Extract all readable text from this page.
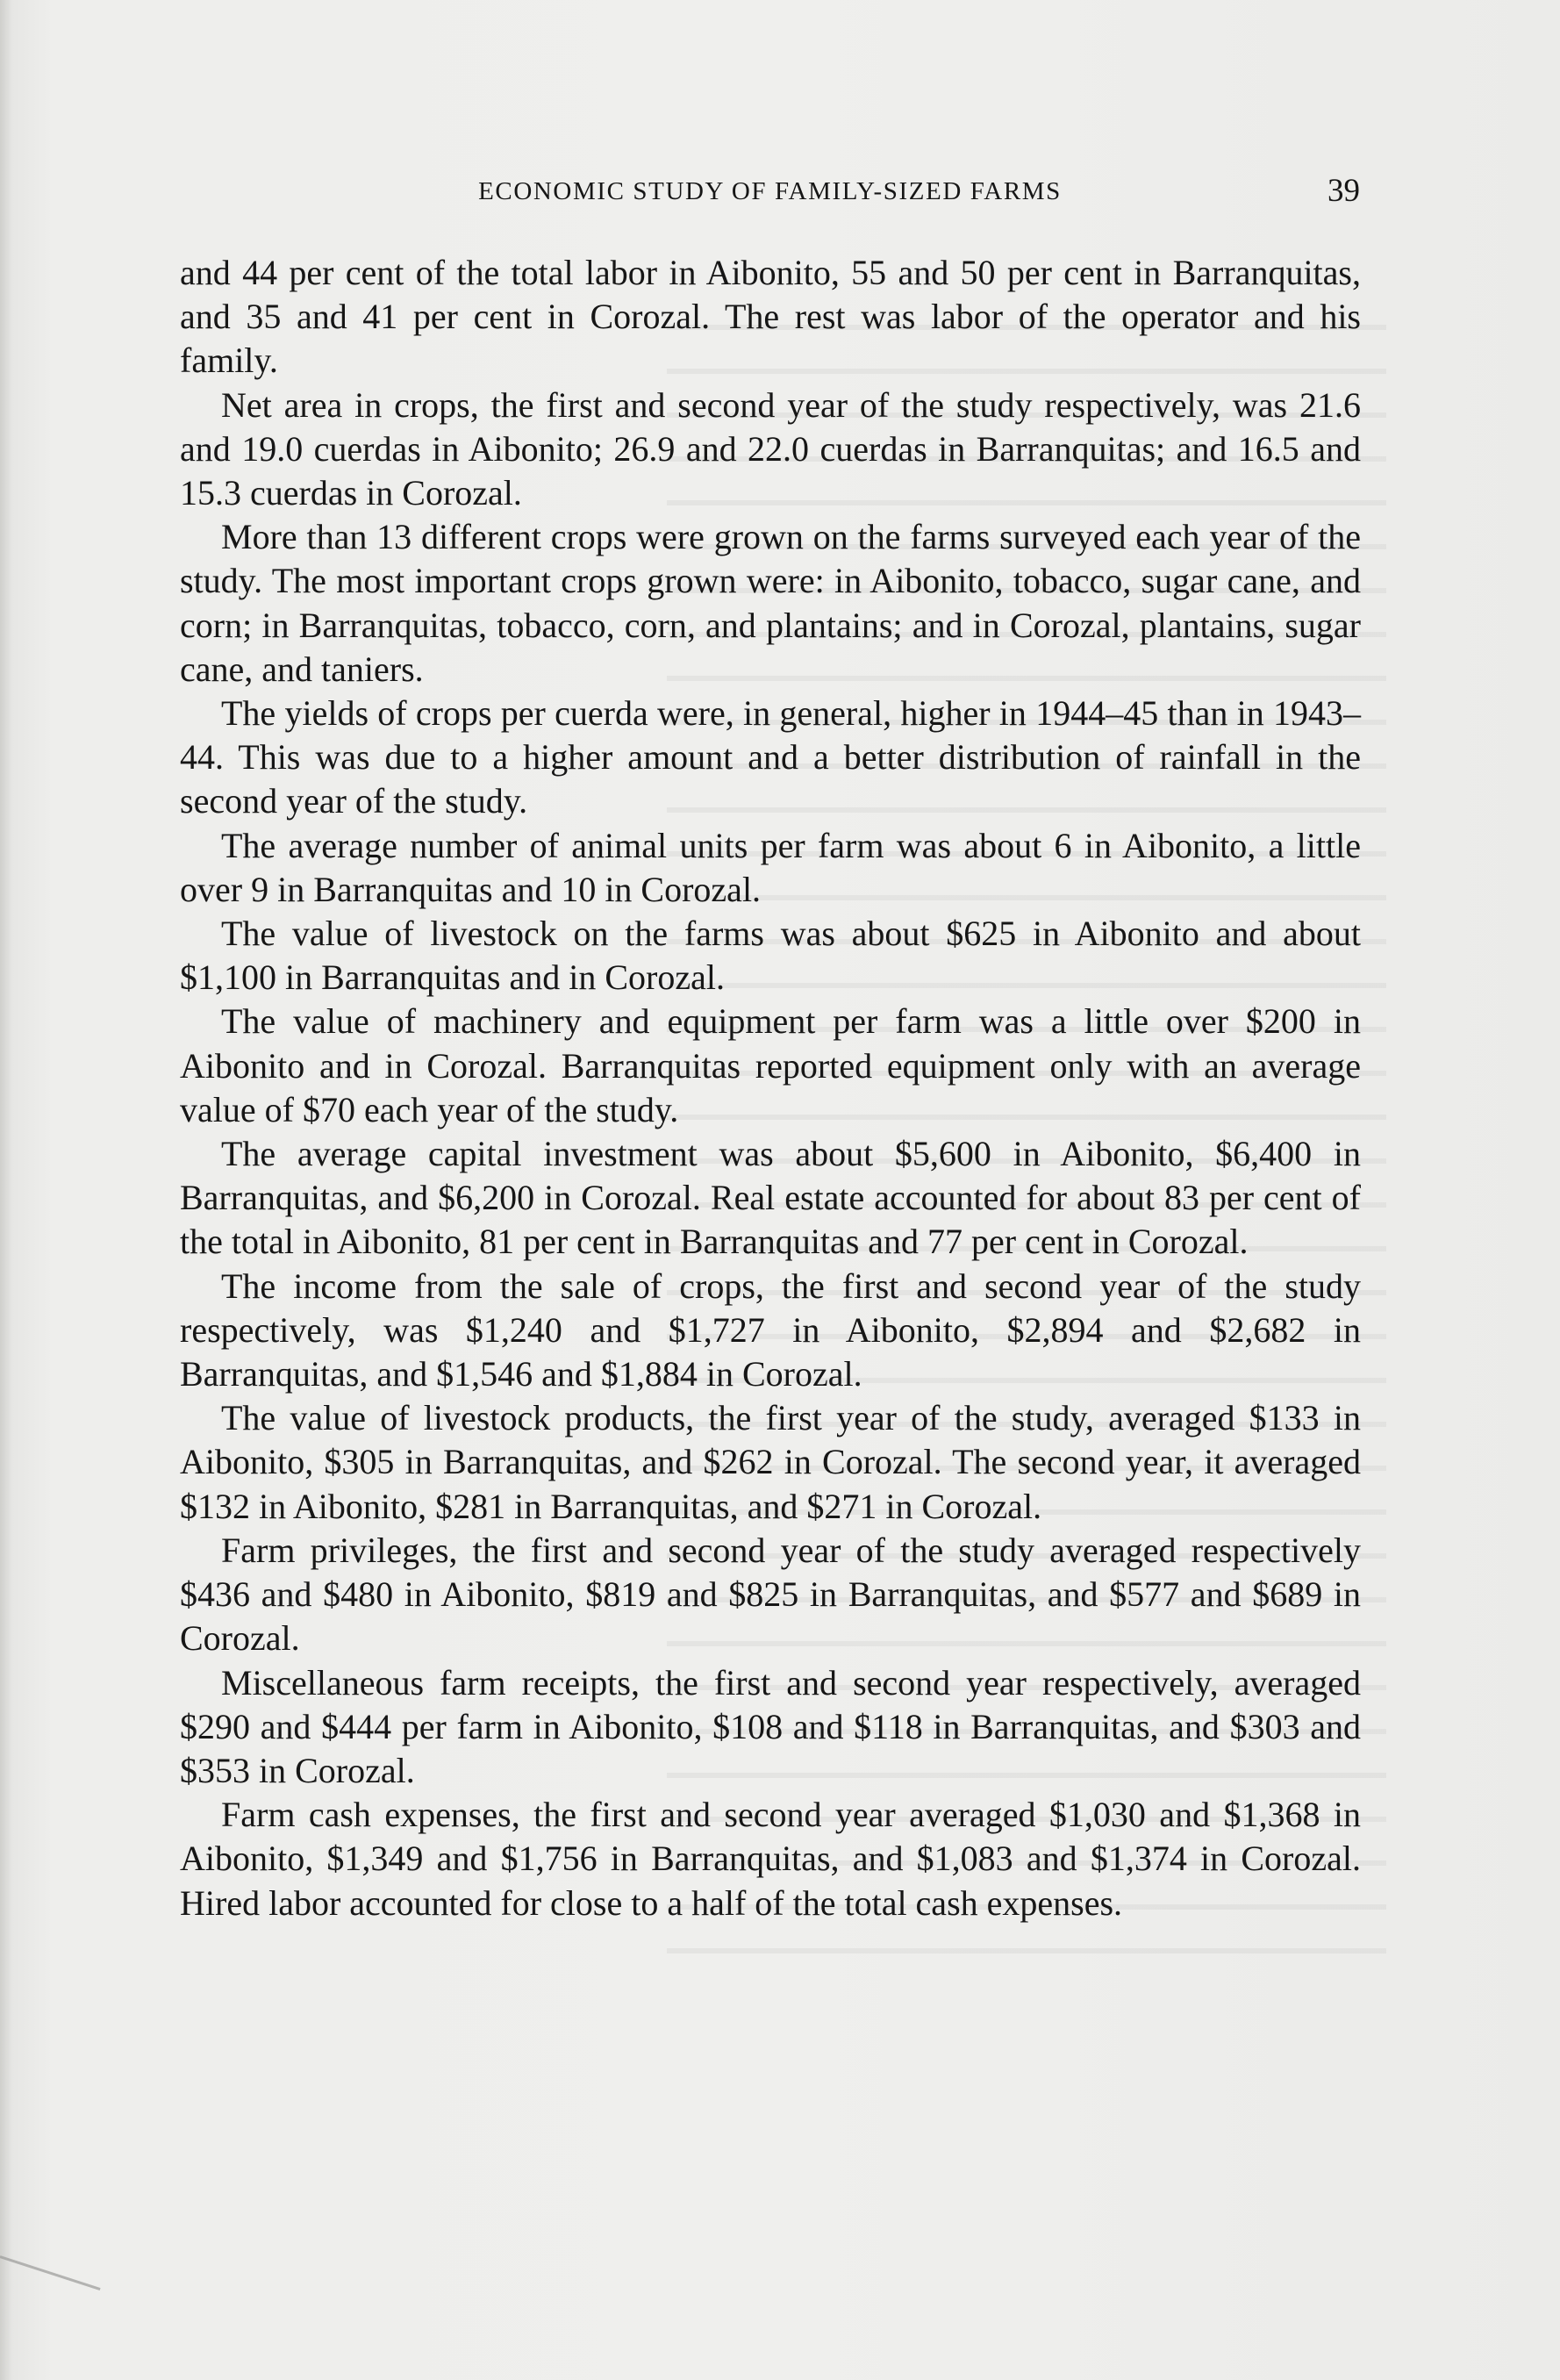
ECONOMIC STUDY OF FAMILY-SIZED FARMS	39

and 44 per cent of the total labor in Aibonito, 55 and 50 per cent in Barranquitas, and 35 and 41 per cent in Corozal. The rest was labor of the operator and his family.

Net area in crops, the first and second year of the study respectively, was 21.6 and 19.0 cuerdas in Aibonito; 26.9 and 22.0 cuerdas in Barranquitas; and 16.5 and 15.3 cuerdas in Corozal.

More than 13 different crops were grown on the farms surveyed each year of the study. The most important crops grown were: in Aibonito, tobacco, sugar cane, and corn; in Barranquitas, tobacco, corn, and plantains; and in Corozal, plantains, sugar cane, and taniers.

The yields of crops per cuerda were, in general, higher in 1944–45 than in 1943–44. This was due to a higher amount and a better distribution of rainfall in the second year of the study.

The average number of animal units per farm was about 6 in Aibonito, a little over 9 in Barranquitas and 10 in Corozal.

The value of livestock on the farms was about $625 in Aibonito and about $1,100 in Barranquitas and in Corozal.

The value of machinery and equipment per farm was a little over $200 in Aibonito and in Corozal. Barranquitas reported equipment only with an average value of $70 each year of the study.

The average capital investment was about $5,600 in Aibonito, $6,400 in Barranquitas, and $6,200 in Corozal. Real estate accounted for about 83 per cent of the total in Aibonito, 81 per cent in Barranquitas and 77 per cent in Corozal.

The income from the sale of crops, the first and second year of the study respectively, was $1,240 and $1,727 in Aibonito, $2,894 and $2,682 in Barranquitas, and $1,546 and $1,884 in Corozal.

The value of livestock products, the first year of the study, averaged $133 in Aibonito, $305 in Barranquitas, and $262 in Corozal. The second year, it averaged $132 in Aibonito, $281 in Barranquitas, and $271 in Corozal.

Farm privileges, the first and second year of the study averaged respectively $436 and $480 in Aibonito, $819 and $825 in Barranquitas, and $577 and $689 in Corozal.

Miscellaneous farm receipts, the first and second year respectively, averaged $290 and $444 per farm in Aibonito, $108 and $118 in Barranquitas, and $303 and $353 in Corozal.

Farm cash expenses, the first and second year averaged $1,030 and $1,368 in Aibonito, $1,349 and $1,756 in Barranquitas, and $1,083 and $1,374 in Corozal. Hired labor accounted for close to a half of the total cash expenses.
